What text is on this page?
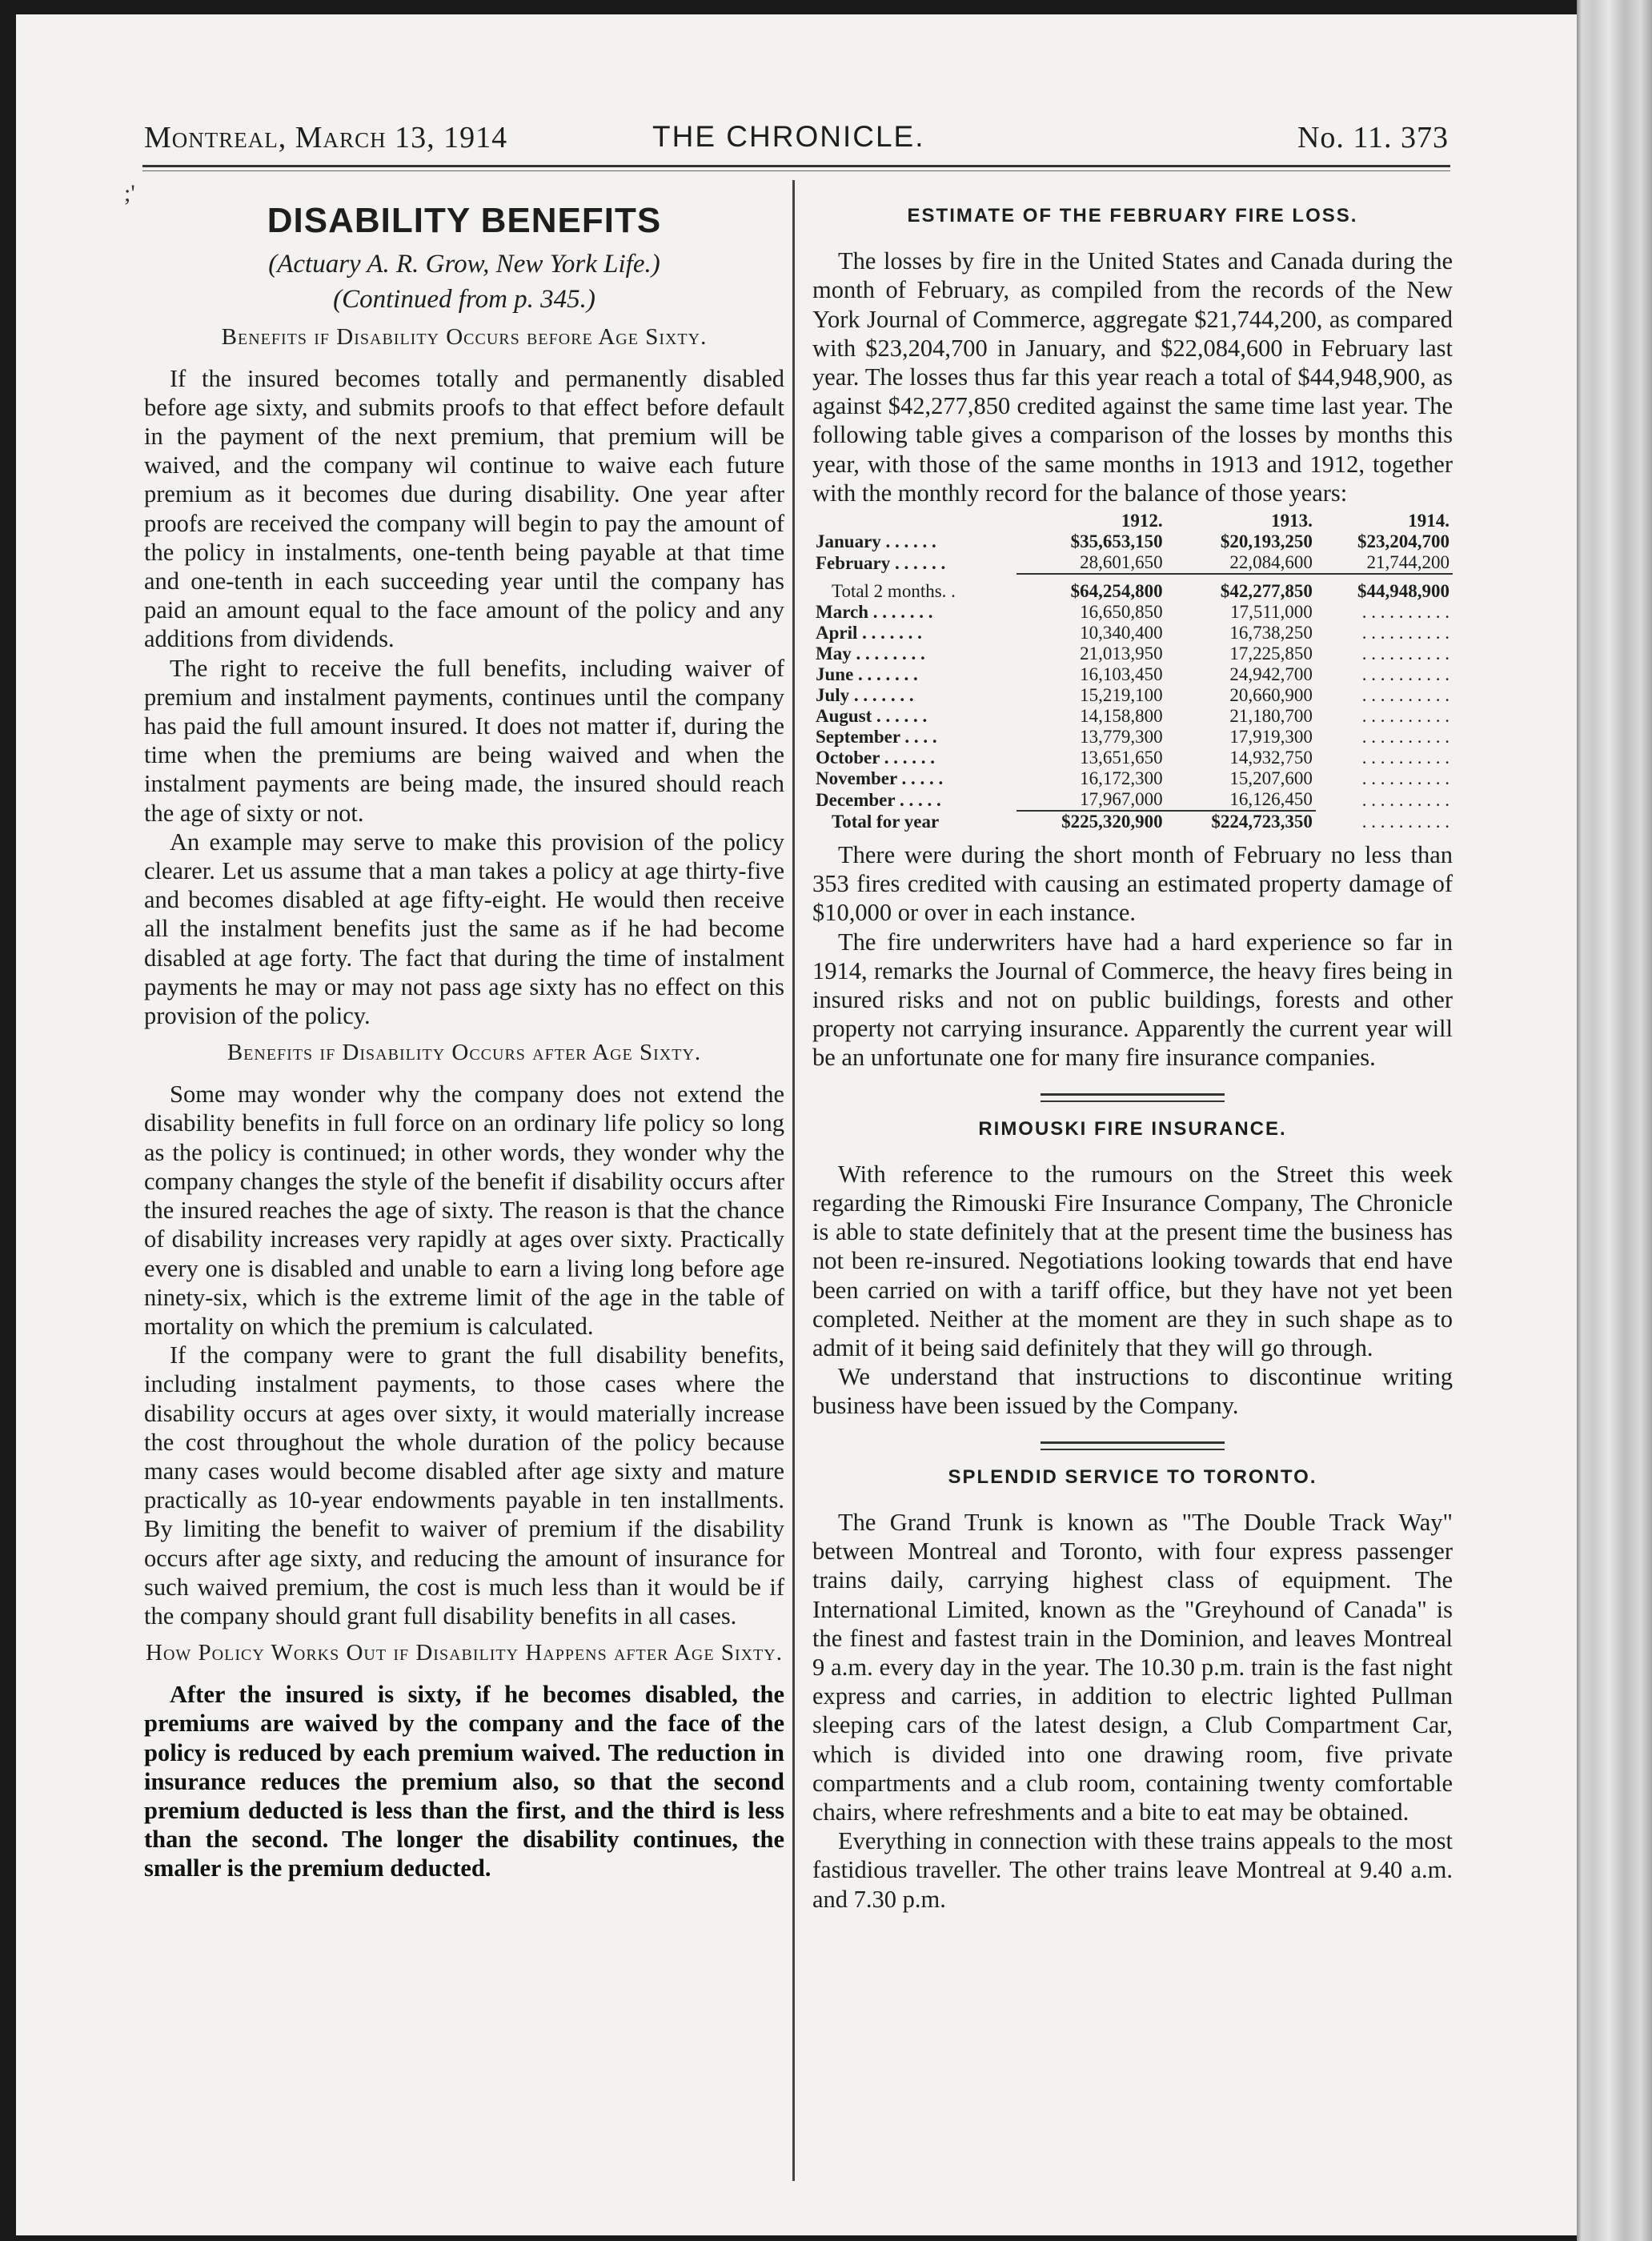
Montreal, March 13, 1914	THE CHRONICLE.	No. 11. 373
;'
DISABILITY BENEFITS
(Actuary A. R. Grow, New York Life.)
(Continued from p. 345.)
Benefits if Disability Occurs before Age Sixty.

If the insured becomes totally and permanently disabled before age sixty, and submits proofs to that effect before default in the payment of the next premium, that premium will be waived, and the company wil continue to waive each future premium as it becomes due during disability. One year after proofs are received the company will begin to pay the amount of the policy in instalments, one-tenth being payable at that time and one-tenth in each succeeding year until the company has paid an amount equal to the face amount of the policy and any additions from dividends.

The right to receive the full benefits, including waiver of premium and instalment payments, continues until the company has paid the full amount insured. It does not matter if, during the time when the premiums are being waived and when the instalment payments are being made, the insured should reach the age of sixty or not.

An example may serve to make this provision of the policy clearer. Let us assume that a man takes a policy at age thirty-five and becomes disabled at age fifty-eight. He would then receive all the instalment benefits just the same as if he had become disabled at age forty. The fact that during the time of instalment payments he may or may not pass age sixty has no effect on this provision of the policy.

Benefits if Disability Occurs after Age Sixty.

Some may wonder why the company does not extend the disability benefits in full force on an ordinary life policy so long as the policy is continued; in other words, they wonder why the company changes the style of the benefit if disability occurs after the insured reaches the age of sixty. The reason is that the chance of disability increases very rapidly at ages over sixty. Practically every one is disabled and unable to earn a living long before age ninety-six, which is the extreme limit of the age in the table of mortality on which the premium is calculated.

If the company were to grant the full disability benefits, including instalment payments, to those cases where the disability occurs at ages over sixty, it would materially increase the cost throughout the whole duration of the policy because many cases would become disabled after age sixty and mature practically as 10-year endowments payable in ten installments. By limiting the benefit to waiver of premium if the disability occurs after age sixty, and reducing the amount of insurance for such waived premium, the cost is much less than it would be if the company should grant full disability benefits in all cases.

How Policy Works Out if Disability Happens after Age Sixty.

After the insured is sixty, if he becomes disabled, the premiums are waived by the company and the face of the policy is reduced by each premium waived. The reduction in insurance reduces the premium also, so that the second premium deducted is less than the first, and the third is less than the second. The longer the disability continues, the smaller is the premium deducted.

ESTIMATE OF THE FEBRUARY FIRE LOSS.

The losses by fire in the United States and Canada during the month of February, as compiled from the records of the New York Journal of Commerce, aggregate $21,744,200, as compared with $23,204,700 in January, and $22,084,600 in February last year. The losses thus far this year reach a total of $44,948,900, as against $42,277,850 credited against the same time last year. The following table gives a comparison of the losses by months this year, with those of the same months in 1913 and 1912, together with the monthly record for the balance of those years:

	1912.	1913.	1914.
January . . . . . .	$35,653,150	$20,193,250	$23,204,700
February . . . . . .	28,601,650	22,084,600	21,744,200

Total 2 months. .	$64,254,800	$42,277,850	$44,948,900
March . . . . . . .	16,650,850	17,511,000	. . . . . . . . . .
April . . . . . . .	10,340,400	16,738,250	. . . . . . . . . .
May . . . . . . . .	21,013,950	17,225,850	. . . . . . . . . .
June . . . . . . .	16,103,450	24,942,700	. . . . . . . . . .
July . . . . . . .	15,219,100	20,660,900	. . . . . . . . . .
August . . . . . .	14,158,800	21,180,700	. . . . . . . . . .
September . . . .	13,779,300	17,919,300	. . . . . . . . . .
October . . . . . .	13,651,650	14,932,750	. . . . . . . . . .
November . . . . .	16,172,300	15,207,600	. . . . . . . . . .
December . . . . .	17,967,000	16,126,450	. . . . . . . . . .
Total for year	$225,320,900	$224,723,350	. . . . . . . . . .

There were during the short month of February no less than 353 fires credited with causing an estimated property damage of $10,000 or over in each instance.

The fire underwriters have had a hard experience so far in 1914, remarks the Journal of Commerce, the heavy fires being in insured risks and not on public buildings, forests and other property not carrying insurance. Apparently the current year will be an unfortunate one for many fire insurance companies.

RIMOUSKI FIRE INSURANCE.

With reference to the rumours on the Street this week regarding the Rimouski Fire Insurance Company, The Chronicle is able to state definitely that at the present time the business has not been re-insured. Negotiations looking towards that end have been carried on with a tariff office, but they have not yet been completed. Neither at the moment are they in such shape as to admit of it being said definitely that they will go through.

We understand that instructions to discontinue writing business have been issued by the Company.

SPLENDID SERVICE TO TORONTO.

The Grand Trunk is known as "The Double Track Way" between Montreal and Toronto, with four express passenger trains daily, carrying highest class of equipment. The International Limited, known as the "Greyhound of Canada" is the finest and fastest train in the Dominion, and leaves Montreal 9 a.m. every day in the year. The 10.30 p.m. train is the fast night express and carries, in addition to electric lighted Pullman sleeping cars of the latest design, a Club Compartment Car, which is divided into one drawing room, five private compartments and a club room, containing twenty comfortable chairs, where refreshments and a bite to eat may be obtained.

Everything in connection with these trains appeals to the most fastidious traveller. The other trains leave Montreal at 9.40 a.m. and 7.30 p.m.
